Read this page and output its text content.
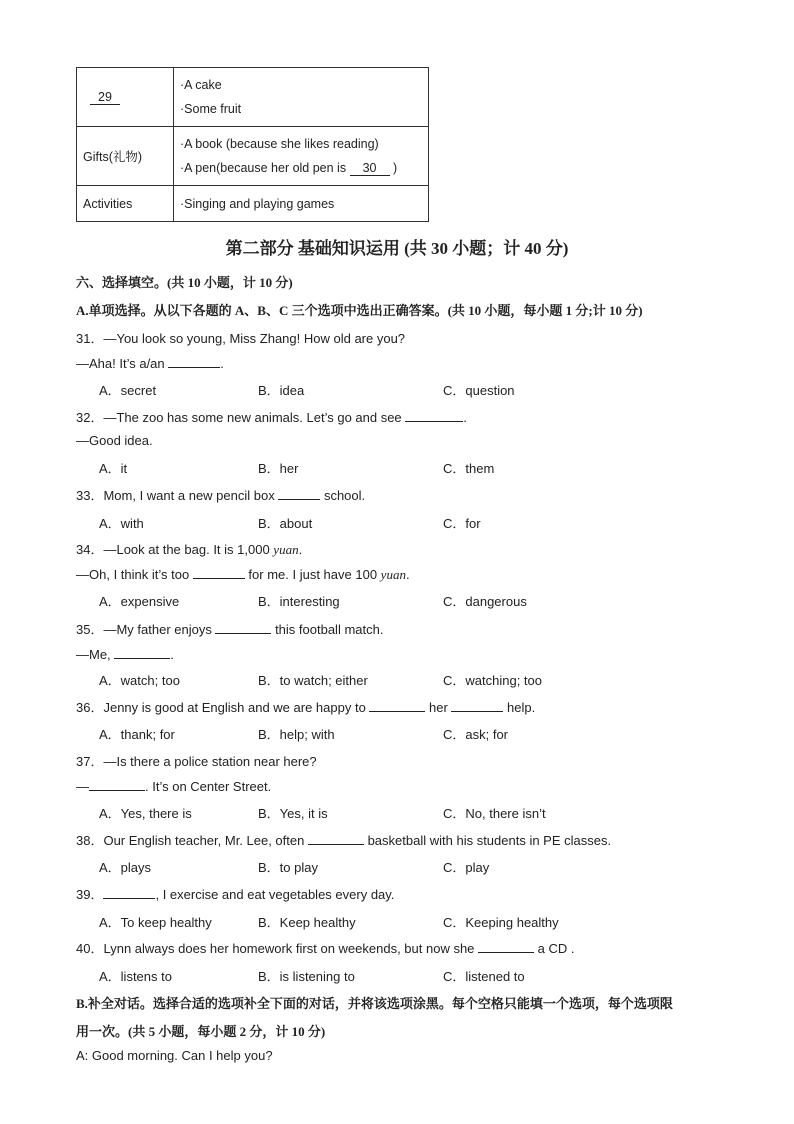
29	·A cake
·Some fruit

Gifts(礼物)	·A book (because she likes reading)
·A pen(because her old pen is 30 )

Activities	·Singing and playing games
第二部分 基础知识运用 (共 30 小题；计 40 分)
六、选择填空。(共 10 小题，计 10 分)
A.单项选择。从以下各题的 A、B、C 三个选项中选出正确答案。(共 10 小题，每小题 1 分;计 10 分)
31．—You look so young, Miss Zhang! How old are you?
—Aha! It’s a/an	.
A．secret	B．idea	C．question
32．—The zoo has some new animals. Let’s go and see	.
—Good idea.
A．it	B．her	C．them
33．Mom, I want a new pencil box	school.
A．with	B．about	C．for
34．—Look at the bag. It is 1,000 yuan.
—Oh, I think it’s too	for me. I just have 100 yuan.
A．expensive	B．interesting	C．dangerous
35．—My father enjoys	this football match.
—Me,	.
A．watch; too	B．to watch; either	C．watching; too
36．Jenny is good at English and we are happy to	her	help.
A．thank; for	B．help; with	C．ask; for
37．—Is there a police station near here?
—	. It’s on Center Street.
A．Yes, there is	B．Yes, it is	C．No, there isn’t
38．Our English teacher, Mr. Lee, often	basketball with his students in PE classes.
A．plays	B．to play	C．play
39．	, I exercise and eat vegetables every day.
A．To keep healthy	B．Keep healthy	C．Keeping healthy
40．Lynn always does her homework first on weekends, but now she	a CD .
A．listens to	B．is listening to	C．listened to
B.补全对话。选择合适的选项补全下面的对话，并将该选项涂黑。每个空格只能填一个选项，每个选项限
用一次。(共 5 小题，每小题 2 分，计 10 分)
A: Good morning. Can I help you?
